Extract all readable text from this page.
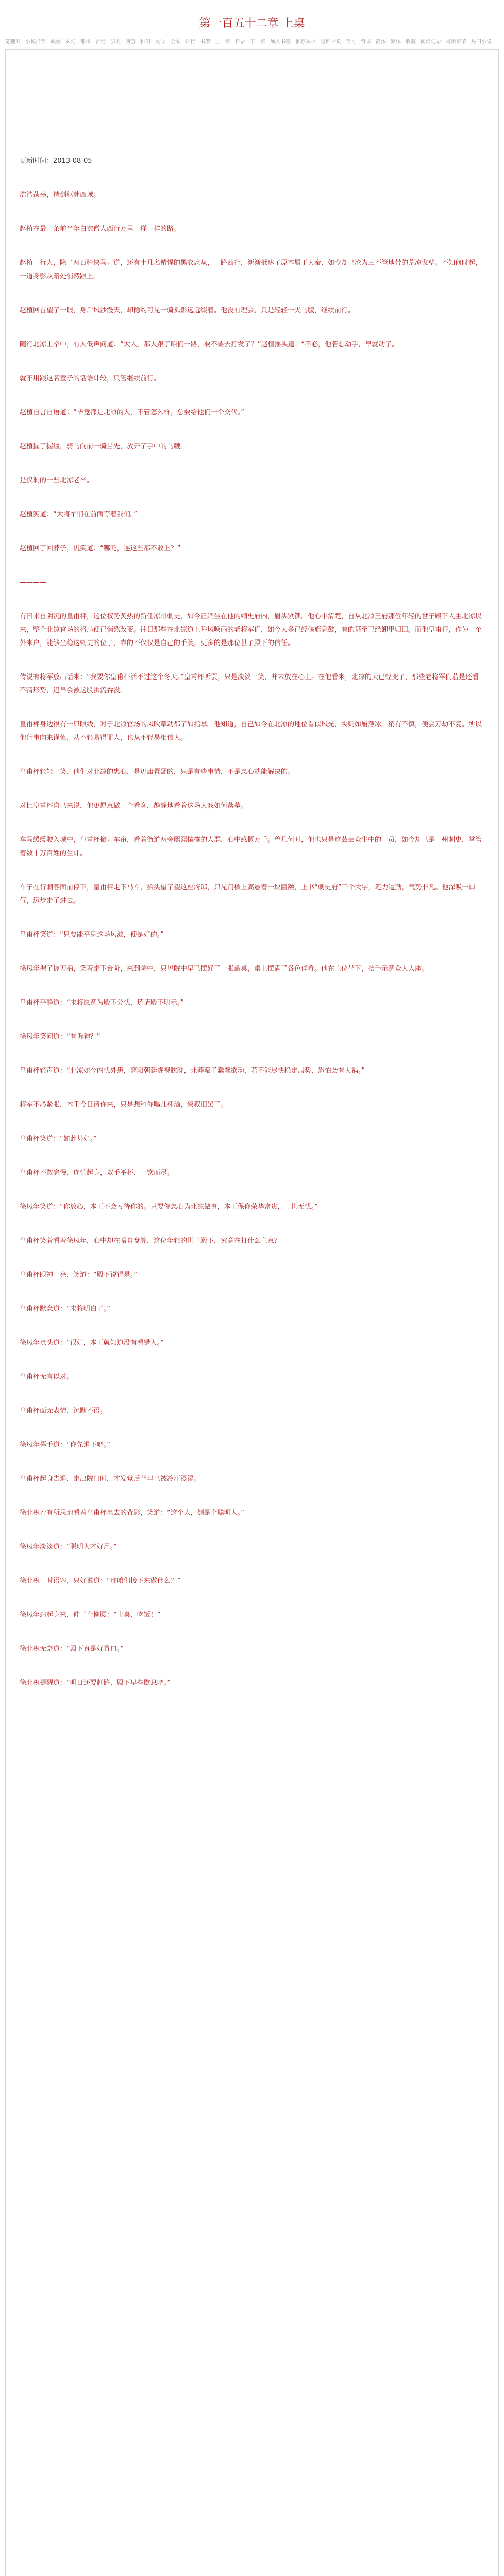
第一百五十二章 上桌
笔趣阁 小说推荐 武侠 玄幻 都市 言情 历史 网游 科幻 灵异 全本 排行 书架 上一章 目录 下一章 加入书签 推荐本书 返回书页 字号 背景 简体 繁体 收藏 阅读记录 最新章节 热门小说

更新时间：2013-08-05

浩浩荡荡，持剑驱赴西域。

赵植在最一条前当年白衣僧人西行万里一样一样的路。

赵植一行人，除了两百骑快马开道，还有十几名精悍的黑衣扈从，一路西行，渐渐抵达了原本属于大秦、如今却已沦为三不管地带的荒凉戈壁。不知何时起，一道身影从暗处悄然跟上。

赵植回首望了一眼，身后风沙漫天，却隐约可见一骑孤影远远缀着。他没有理会，只是轻轻一夹马腹，继续前行。

随行北凉士卒中，有人低声问道：“大人，那人跟了咱们一路，要不要去打发了？”赵植摇头道：“不必，他若想动手，早就动了。

就不用跟这名童子的话语计较，只管继续前行。

赵植自言自语道：“毕竟都是北凉的人，不管怎么样，总要给他们一个交代。”

赵植握了握缰，骑马向前一骑当先，放开了手中的马鞭。

是仅剩的一些北凉老卒。

赵植笑道：“大将军们在前面等着我们。”

赵植回了回脖子，讥笑道：“哪吒，连这些都不敢上？”

————

有日来自阴沉的皇甫枰，这位权势炙热的新任凉州刺史，如今正端坐在他的刺史府内，眉头紧锁。他心中清楚，自从北凉王府那位年轻的世子殿下入主北凉以来，整个北凉官场的格局便已悄然改变。往日那些在北凉道上呼风唤雨的老将军们，如今大多已经偃旗息鼓，有的甚至已经卸甲归田。而他皇甫枰，作为一个外来户，能够坐稳这刺史的位子，靠的不仅仅是自己的手腕，更多的是那位世子殿下的信任。

传说有将军放出话来：“我要你皇甫枰活不过这个冬天。”皇甫枰听罢，只是淡淡一笑，并未放在心上。在他看来，北凉的天已经变了，那些老将军们若是还看不清形势，迟早会被这股洪流吞没。

皇甫枰身边很有一只眼线，对于北凉官场的风吹草动都了如指掌。他知道，自己如今在北凉的地位看似风光，实则如履薄冰。稍有不慎，便会万劫不复。所以他行事向来谨慎，从不轻易得罪人，也从不轻易相信人。

皇甫枰轻轻一笑，他们对北凉的忠心，是毋庸置疑的，只是有些事情，不是忠心就能解决的。

对比皇甫枰自己来说，他更愿意做一个看客，静静地看着这场大戏如何落幕。

车马缓缓驶入城中，皇甫枰掀开车帘，看着街道两旁熙熙攘攘的人群，心中感慨万千。曾几何时，他也只是这芸芸众生中的一员，如今却已是一州刺史，掌管着数十万百姓的生计。

车子在行刺客面前停下，皇甫枰走下马车，抬头望了望这座府邸，只见门楣上高悬着一块匾额，上书“刺史府”三个大字，笔力遒劲，气势非凡。他深吸一口气，迈步走了进去。

皇甫枰笑道：“只要能平息这场风波，便是好的。”

徐凤年握了握刀柄，笑着走下台阶，来到院中，只见院中早已摆好了一张酒桌，桌上摆满了各色佳肴。他在主位坐下，抬手示意众人入座。

皇甫枰平静道：“末将愿意为殿下分忧，还请殿下明示。”

徐凤年笑问道：“有诉狗？”

皇甫枰轻声道：“北凉如今内忧外患，离阳朝廷虎视眈眈，北莽蛮子蠢蠢欲动，若不能尽快稳定局势，恐怕会有大祸。”

将军不必紧张，本王今日请你来，只是想和你喝几杯酒，叙叙旧罢了。

皇甫枰笑道：“如此甚好。”

皇甫枰不敢怠慢，连忙起身，双手举杯，一饮而尽。

徐凤年笑道：“你放心，本王不会亏待你的。只要你忠心为北凉做事，本王保你荣华富贵，一世无忧。”

皇甫枰笑着看着徐凤年，心中却在暗自盘算，这位年轻的世子殿下，究竟在打什么主意？

皇甫枰眼神一亮，笑道：“殿下说得是。”

皇甫枰默念道：“末将明白了。”

徐凤年点头道：“很好，本王就知道没有看错人。”

皇甫枰无言以对。

皇甫枰面无表情，沉默不语。

徐凤年挥手道：“你先退下吧。”

皇甫枰起身告退，走出院门时，才发觉后背早已被冷汗浸湿。

徐北枳若有所思地看着皇甫枰离去的背影，笑道：“这个人，倒是个聪明人。”

徐凤年淡淡道：“聪明人才好用。”

徐北枳一时语塞，只好说道：“那咱们接下来做什么？”

徐凤年站起身来，伸了个懒腰：“上桌，吃饭！”

徐北枳无奈道：“殿下真是好胃口。”

徐北枳提醒道：“明日还要赶路，殿下早些歇息吧。”
